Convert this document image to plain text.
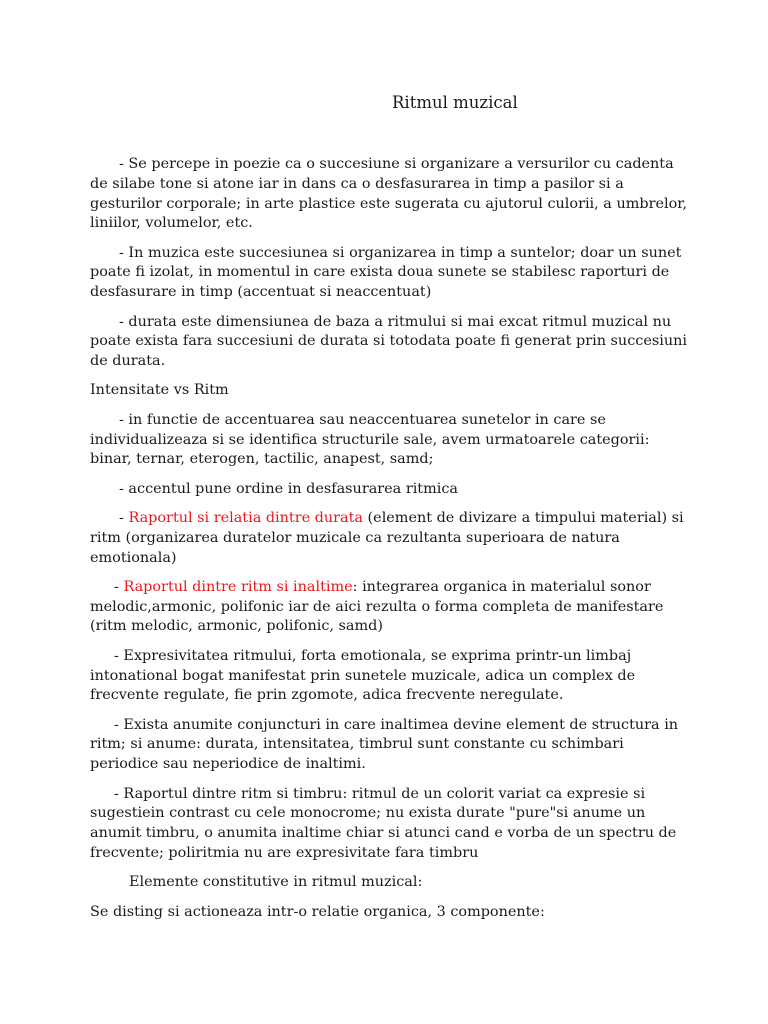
Ritmul muzical

- Se percepe in poezie ca o succesiune si organizare a versurilor cu cadenta de silabe tone si atone iar in dans ca o desfasurarea in timp a pasilor si a gesturilor corporale; in arte plastice este sugerata cu ajutorul culorii, a umbrelor, liniilor, volumelor, etc.

- In muzica este succesiunea si organizarea in timp a suntelor; doar un sunet poate fi izolat, in momentul in care exista doua sunete se stabilesc raporturi de desfasurare in timp (accentuat si neaccentuat)

- durata este dimensiunea de baza a ritmului si mai excat ritmul muzical nu poate exista fara succesiuni de durata si totodata poate fi generat prin succesiuni de durata.

Intensitate vs Ritm

- in functie de accentuarea sau neaccentuarea sunetelor in care se individualizeaza si se identifica structurile sale, avem urmatoarele categorii: binar, ternar, eterogen, tactilic, anapest, samd;

- accentul pune ordine in desfasurarea ritmica

- Raportul si relatia dintre durata (element de divizare a timpului material) si ritm (organizarea duratelor muzicale ca rezultanta superioara de natura emotionala)

- Raportul dintre ritm si inaltime: integrarea organica in materialul sonor melodic,armonic, polifonic iar de aici rezulta o forma completa de manifestare (ritm melodic, armonic, polifonic, samd)

- Expresivitatea ritmului, forta emotionala, se exprima printr-un limbaj intonational bogat manifestat prin sunetele muzicale, adica un complex de frecvente regulate, fie prin zgomote, adica frecvente neregulate.

- Exista anumite conjuncturi in care inaltimea devine element de structura in ritm; si anume: durata, intensitatea, timbrul sunt constante cu schimbari periodice sau neperiodice de inaltimi.

- Raportul dintre ritm si timbru: ritmul de un colorit variat ca expresie si sugestiein contrast cu cele monocrome; nu exista durate "pure"si anume un anumit timbru, o anumita inaltime chiar si atunci cand e vorba de un spectru de frecvente; poliritmia nu are expresivitate fara timbru

Elemente constitutive in ritmul muzical:

Se disting si actioneaza intr-o relatie organica, 3 componente:
